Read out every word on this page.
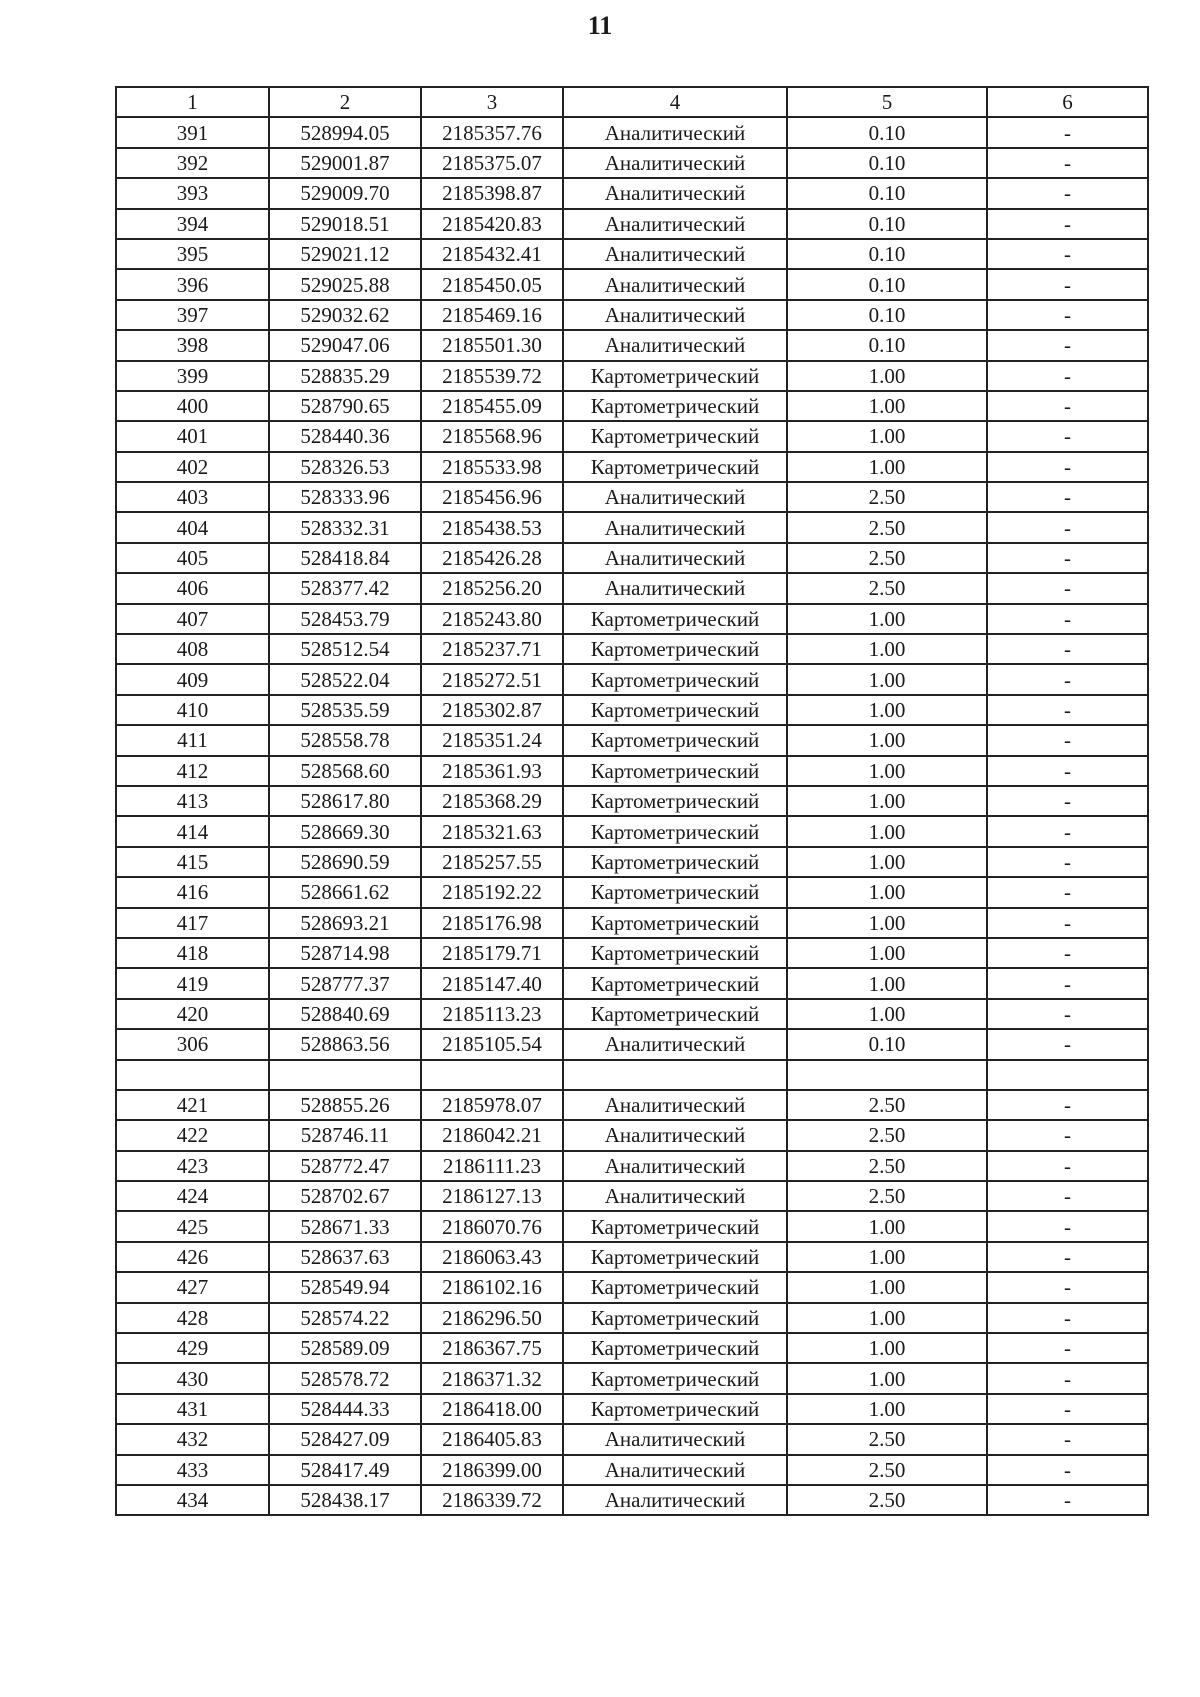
11
1	2	3	4	5	6
391	528994.05	2185357.76	Аналитический	0.10	-
392	529001.87	2185375.07	Аналитический	0.10	-
393	529009.70	2185398.87	Аналитический	0.10	-
394	529018.51	2185420.83	Аналитический	0.10	-
395	529021.12	2185432.41	Аналитический	0.10	-
396	529025.88	2185450.05	Аналитический	0.10	-
397	529032.62	2185469.16	Аналитический	0.10	-
398	529047.06	2185501.30	Аналитический	0.10	-
399	528835.29	2185539.72	Картометрический	1.00	-
400	528790.65	2185455.09	Картометрический	1.00	-
401	528440.36	2185568.96	Картометрический	1.00	-
402	528326.53	2185533.98	Картометрический	1.00	-
403	528333.96	2185456.96	Аналитический	2.50	-
404	528332.31	2185438.53	Аналитический	2.50	-
405	528418.84	2185426.28	Аналитический	2.50	-
406	528377.42	2185256.20	Аналитический	2.50	-
407	528453.79	2185243.80	Картометрический	1.00	-
408	528512.54	2185237.71	Картометрический	1.00	-
409	528522.04	2185272.51	Картометрический	1.00	-
410	528535.59	2185302.87	Картометрический	1.00	-
411	528558.78	2185351.24	Картометрический	1.00	-
412	528568.60	2185361.93	Картометрический	1.00	-
413	528617.80	2185368.29	Картометрический	1.00	-
414	528669.30	2185321.63	Картометрический	1.00	-
415	528690.59	2185257.55	Картометрический	1.00	-
416	528661.62	2185192.22	Картометрический	1.00	-
417	528693.21	2185176.98	Картометрический	1.00	-
418	528714.98	2185179.71	Картометрический	1.00	-
419	528777.37	2185147.40	Картометрический	1.00	-
420	528840.69	2185113.23	Картометрический	1.00	-
306	528863.56	2185105.54	Аналитический	0.10	-

421	528855.26	2185978.07	Аналитический	2.50	-
422	528746.11	2186042.21	Аналитический	2.50	-
423	528772.47	2186111.23	Аналитический	2.50	-
424	528702.67	2186127.13	Аналитический	2.50	-
425	528671.33	2186070.76	Картометрический	1.00	-
426	528637.63	2186063.43	Картометрический	1.00	-
427	528549.94	2186102.16	Картометрический	1.00	-
428	528574.22	2186296.50	Картометрический	1.00	-
429	528589.09	2186367.75	Картометрический	1.00	-
430	528578.72	2186371.32	Картометрический	1.00	-
431	528444.33	2186418.00	Картометрический	1.00	-
432	528427.09	2186405.83	Аналитический	2.50	-
433	528417.49	2186399.00	Аналитический	2.50	-
434	528438.17	2186339.72	Аналитический	2.50	-
